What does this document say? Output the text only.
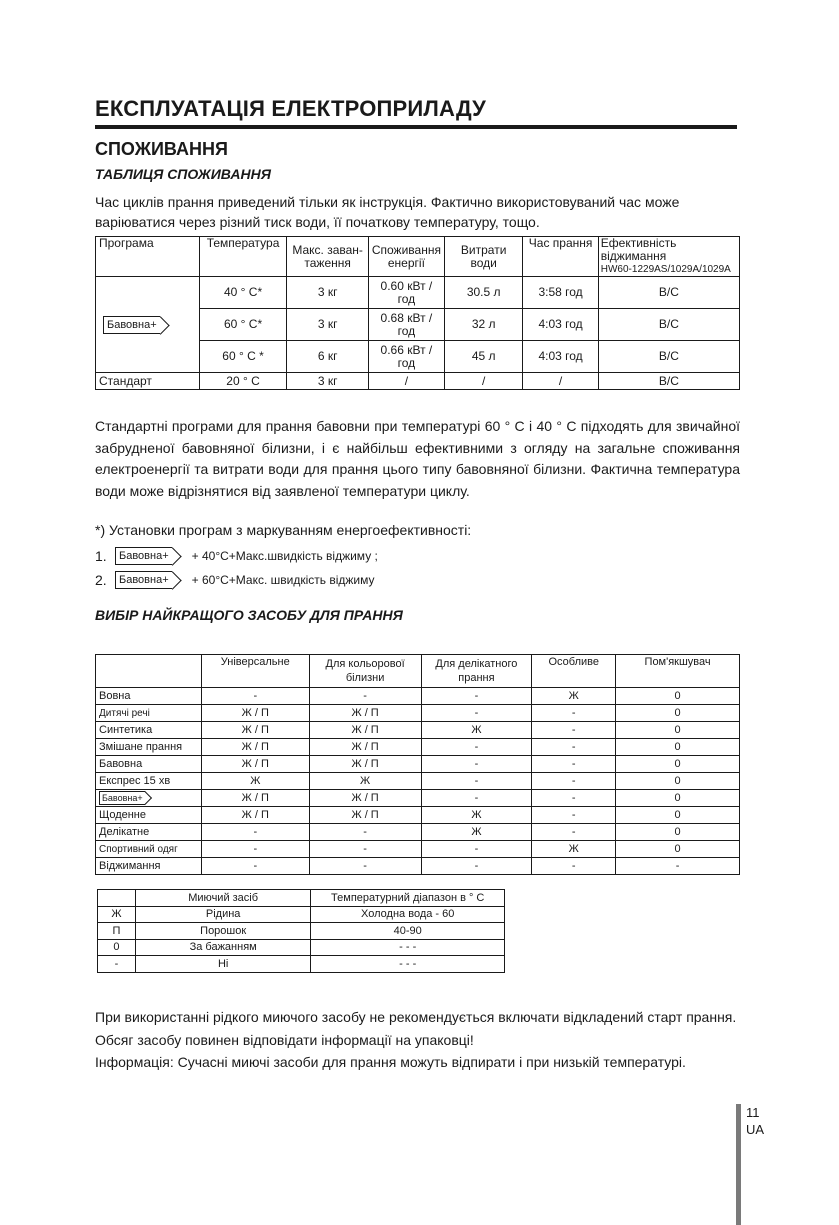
ЕКСПЛУАТАЦІЯ ЕЛЕКТРОПРИЛАДУ
СПОЖИВАННЯ
ТАБЛИЦЯ СПОЖИВАННЯ
Час циклів прання приведений тільки як інструкція. Фактично використовуваний час може варіюватися через різний тиск води, її початкову температуру, тощо.
Програма	Температура	Макс. заван- таження	Споживання енергії	Витрати води	Час прання	Ефективність віджимання
HW60-1229AS/1029A/1029A

Бавовна+	40 ° C*	3 кг	0.60 кВт / год	30.5 л	3:58 год	B/C
	60 ° C*	3 кг	0.68 кВт / год	32 л	4:03 год	B/C
	60 ° C *	6 кг	0.66 кВт / год	45 л	4:03 год	B/C
Стандарт	20 ° C	3 кг	/	/	/	B/C
Стандартні програми для прання бавовни при температурі 60 ° C і 40 ° C підходять для звичайної забрудненої бавовняної білизни, і є найбільш ефективними з огляду на загальне споживання електроенергії та витрати води для прання цього типу бавовняної білизни. Фактична температура води може відрізнятися від заявленої температури циклу.
*) Установки програм з маркуванням енергоефективності:
1.	Бавовна+ + 40°C+Макс.швидкість віджиму ;
2.	Бавовна+ + 60°C+Макс. швидкість віджиму
ВИБІР НАЙКРАЩОГО ЗАСОБУ ДЛЯ ПРАННЯ
	Універсальне	Для кольорової білизни	Для делікатного прання	Особливе	Пом'якшувач
Вовна	-	-	-	Ж	0
Дитячі речі	Ж / П	Ж / П	-	-	0
Синтетика	Ж / П	Ж / П	Ж	-	0
Змішане прання	Ж / П	Ж / П	-	-	0
Бавовна	Ж / П	Ж / П	-	-	0
Експрес 15 хв	Ж	Ж	-	-	0
Бавовна+	Ж / П	Ж / П	-	-	0
Щоденне	Ж / П	Ж / П	Ж	-	0
Делікатне	-	-	Ж	-	0
Спортивний одяг	-	-	-	Ж	0
Віджимання	-	-	-	-	-
	Миючий засіб	Температурний діапазон в ° C
Ж	Рідина	Холодна вода - 60
П	Порошок	40-90
0	За бажанням	- - -
-	Ні	- - -
При використанні рідкого миючого засобу не рекомендується включати відкладений старт прання.
Обсяг засобу повинен відповідати інформації на упаковці!
Інформація: Сучасні миючі засоби для прання можуть відпирати і при низькій температурі.
11
UA
